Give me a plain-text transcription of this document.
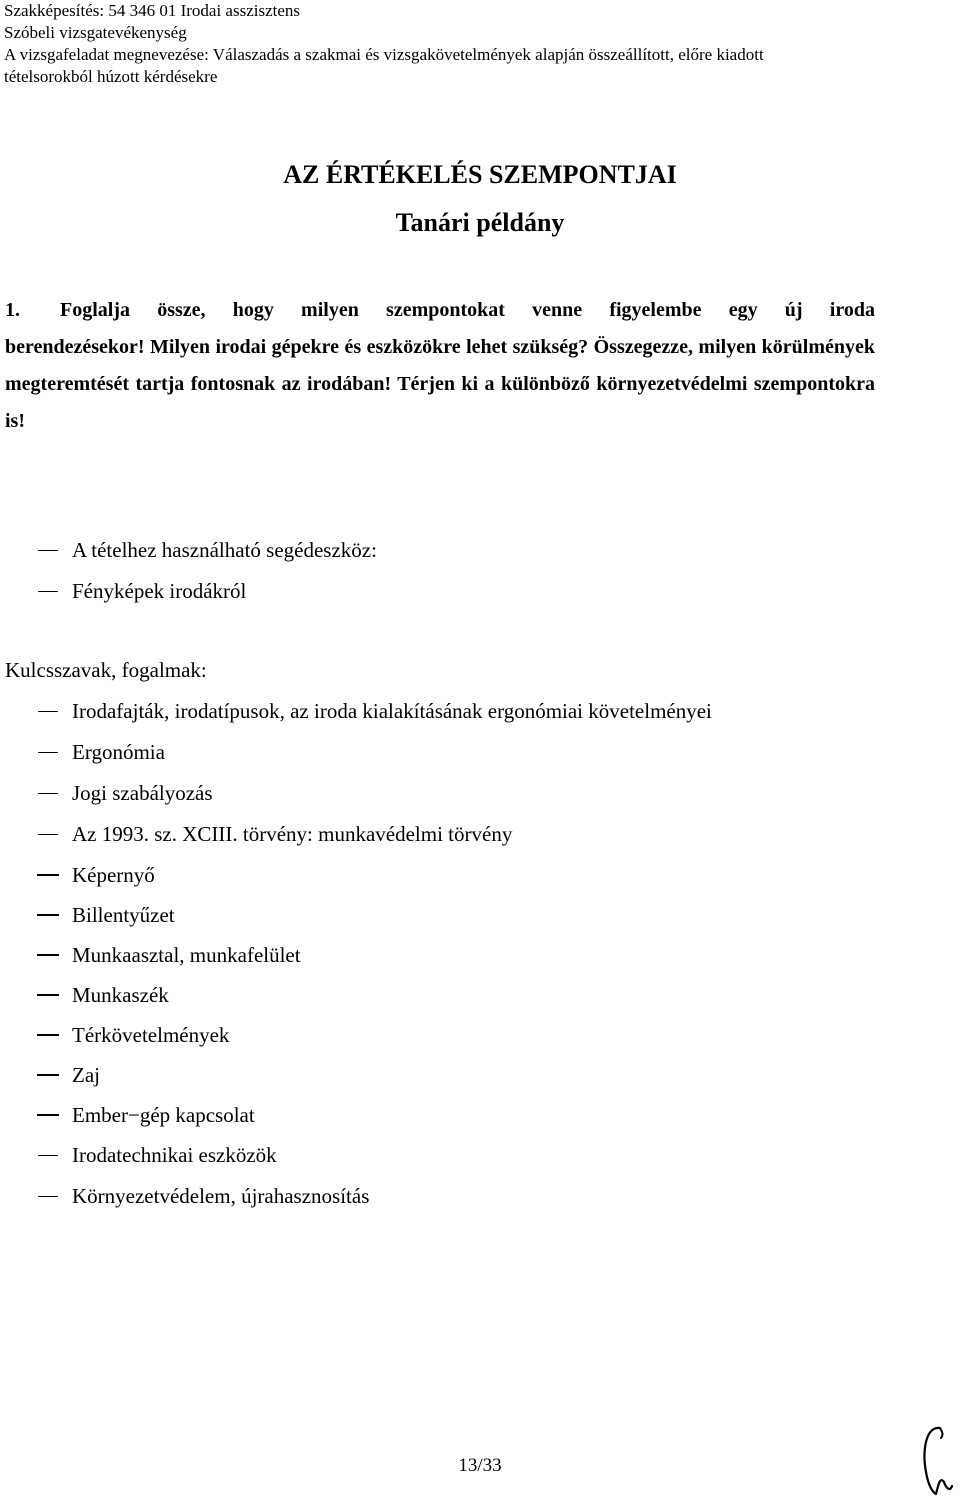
Szakképesítés: 54 346 01 Irodai asszisztens
Szóbeli vizsgatevékenység
A vizsgafeladat megnevezése: Válaszadás a szakmai és vizsgakövetelmények alapján összeállított, előre kiadott
tételsorokból húzott kérdésekre
AZ ÉRTÉKELÉS SZEMPONTJAI
Tanári példány
1. Foglalja össze, hogy milyen szempontokat venne figyelembe egy új iroda
berendezésekor! Milyen irodai gépekre és eszközökre lehet szükség? Összegezze, milyen körülmények megteremtését tartja fontosnak az irodában! Térjen ki a különböző környezetvédelmi szempontokra is!
A tételhez használható segédeszköz:
Fényképek irodákról
Kulcsszavak, fogalmak:
Irodafajták, irodatípusok, az iroda kialakításának ergonómiai követelményei
Ergonómia
Jogi szabályozás
Az 1993. sz. XCIII. törvény: munkavédelmi törvény
Képernyő
Billentyűzet
Munkaasztal, munkafelület
Munkaszék
Térkövetelmények
Zaj
Ember−gép kapcsolat
Irodatechnikai eszközök
Környezetvédelem, újrahasznosítás
13/33
